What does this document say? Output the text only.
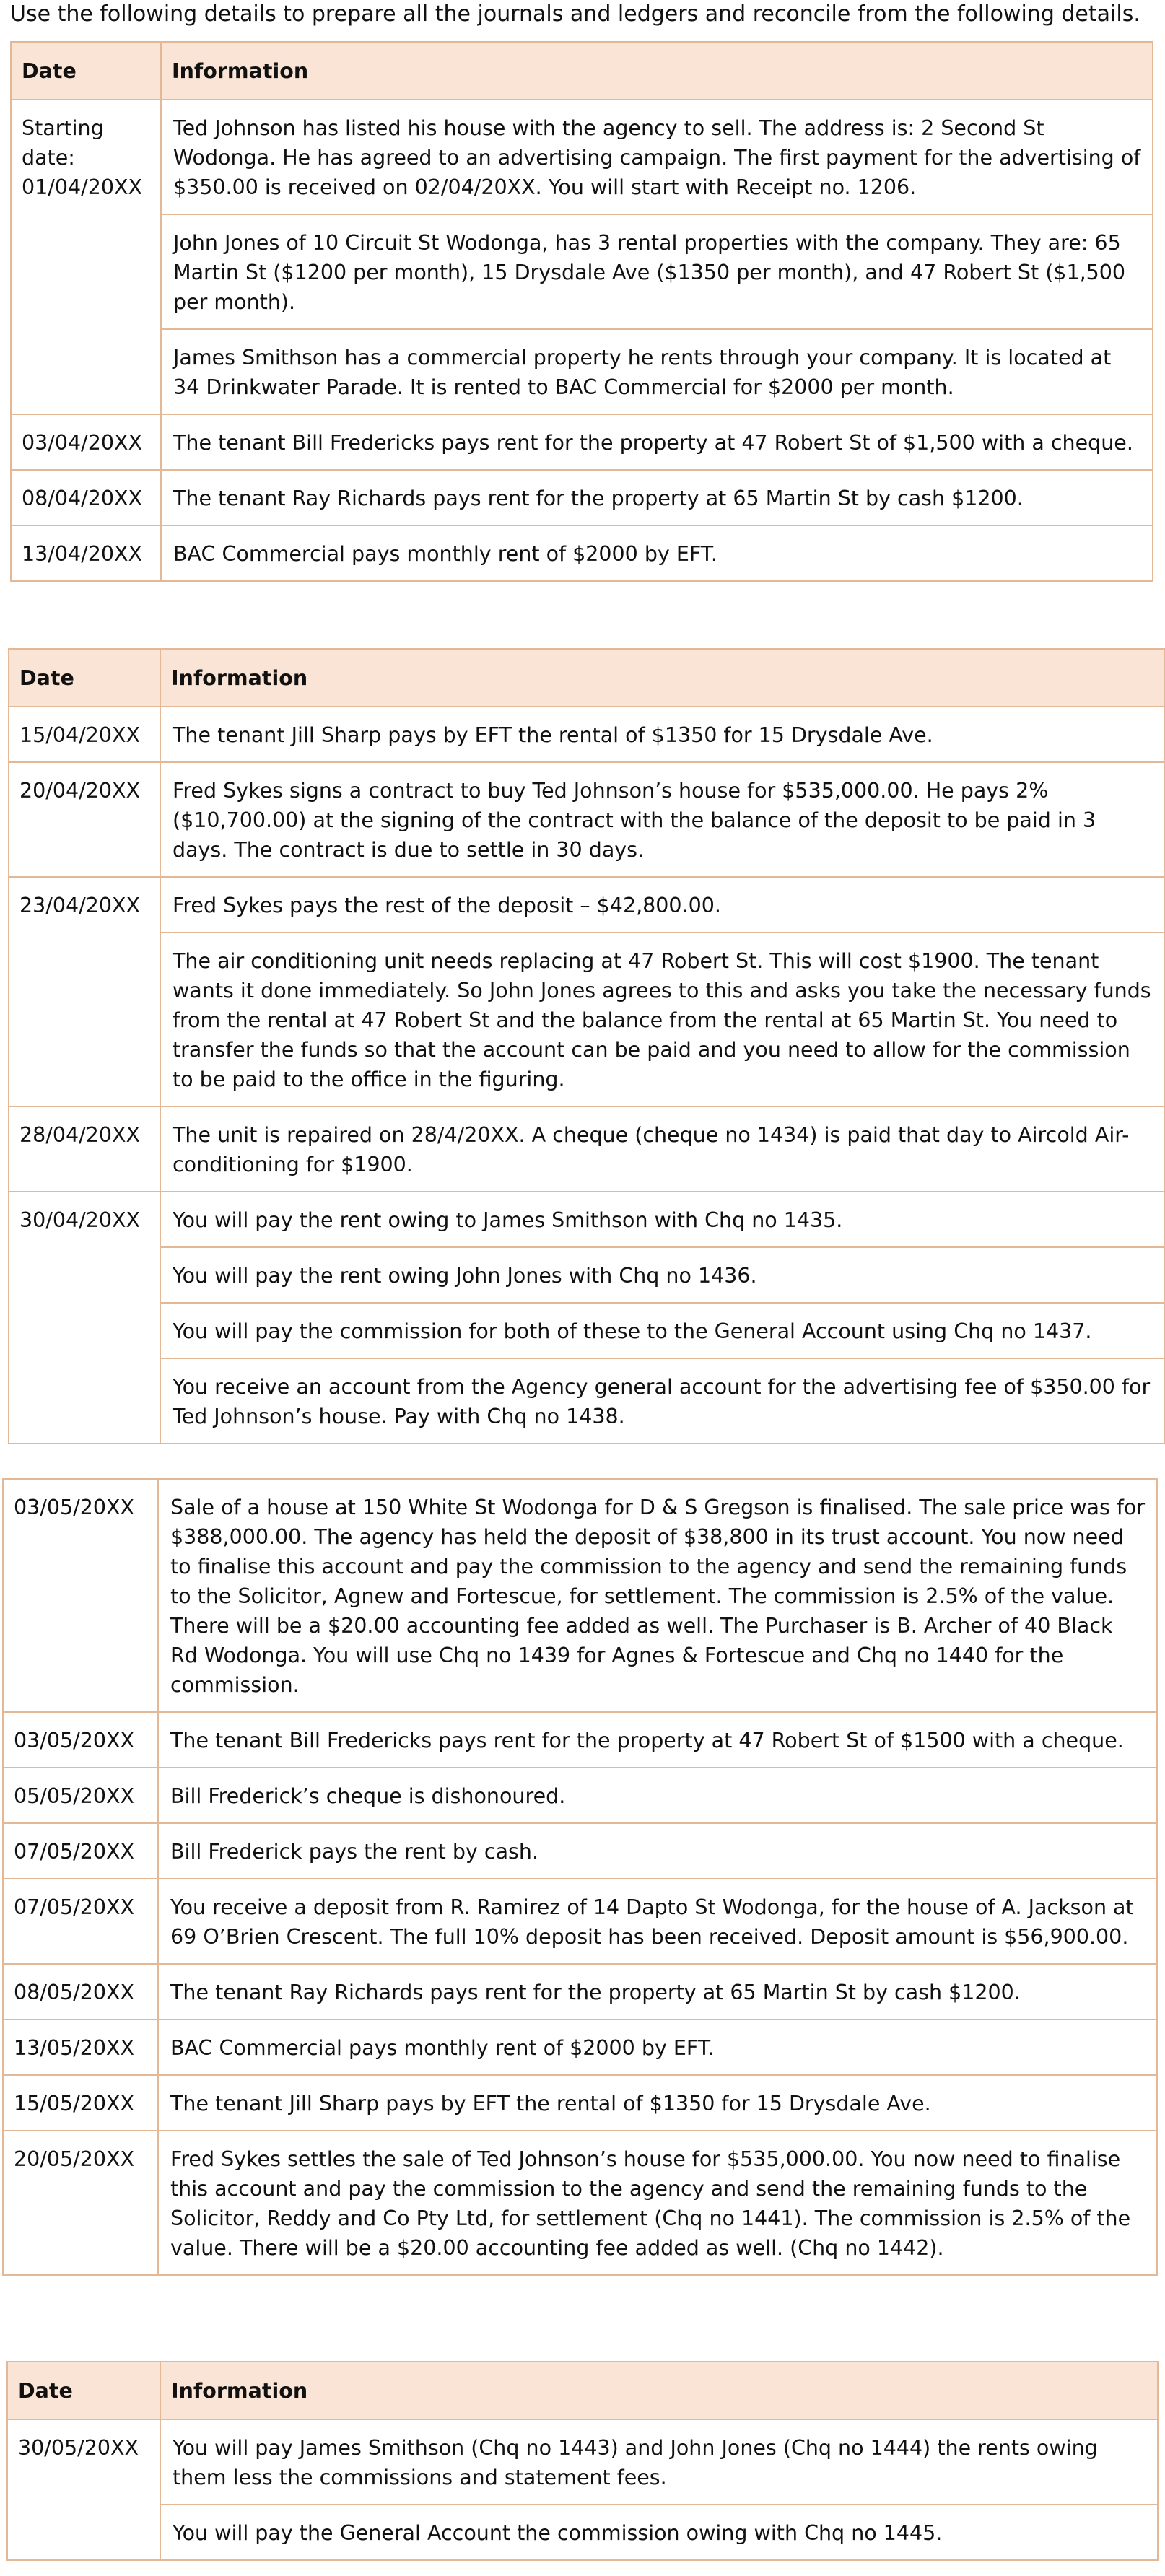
Use the following details to prepare all the journals and ledgers and reconcile from the following details.
Date	Information
Starting date: 01/04/20XX	Ted Johnson has listed his house with the agency to sell. The address is: 2 Second St Wodonga. He has agreed to an advertising campaign. The first payment for the advertising of $350.00 is received on 02/04/20XX. You will start with Receipt no. 1206.
	John Jones of 10 Circuit St Wodonga, has 3 rental properties with the company. They are: 65 Martin St ($1200 per month), 15 Drysdale Ave ($1350 per month), and 47 Robert St ($1,500 per month).
	James Smithson has a commercial property he rents through your company. It is located at 34 Drinkwater Parade. It is rented to BAC Commercial for $2000 per month.
03/04/20XX	The tenant Bill Fredericks pays rent for the property at 47 Robert St of $1,500 with a cheque.
08/04/20XX	The tenant Ray Richards pays rent for the property at 65 Martin St by cash $1200.
13/04/20XX	BAC Commercial pays monthly rent of $2000 by EFT.
Date	Information
15/04/20XX	The tenant Jill Sharp pays by EFT the rental of $1350 for 15 Drysdale Ave.
20/04/20XX	Fred Sykes signs a contract to buy Ted Johnson’s house for $535,000.00. He pays 2% ($10,700.00) at the signing of the contract with the balance of the deposit to be paid in 3 days. The contract is due to settle in 30 days.
23/04/20XX	Fred Sykes pays the rest of the deposit – $42,800.00.
	The air conditioning unit needs replacing at 47 Robert St. This will cost $1900. The tenant wants it done immediately. So John Jones agrees to this and asks you take the necessary funds from the rental at 47 Robert St and the balance from the rental at 65 Martin St. You need to transfer the funds so that the account can be paid and you need to allow for the commission to be paid to the office in the figuring.
28/04/20XX	The unit is repaired on 28/4/20XX. A cheque (cheque no 1434) is paid that day to Aircold Air-conditioning for $1900.
30/04/20XX	You will pay the rent owing to James Smithson with Chq no 1435.
	You will pay the rent owing John Jones with Chq no 1436.
	You will pay the commission for both of these to the General Account using Chq no 1437.
	You receive an account from the Agency general account for the advertising fee of $350.00 for Ted Johnson’s house. Pay with Chq no 1438.
03/05/20XX	Sale of a house at 150 White St Wodonga for D & S Gregson is finalised. The sale price was for $388,000.00. The agency has held the deposit of $38,800 in its trust account. You now need to finalise this account and pay the commission to the agency and send the remaining funds to the Solicitor, Agnew and Fortescue, for settlement. The commission is 2.5% of the value. There will be a $20.00 accounting fee added as well. The Purchaser is B. Archer of 40 Black Rd Wodonga. You will use Chq no 1439 for Agnes & Fortescue and Chq no 1440 for the commission.
03/05/20XX	The tenant Bill Fredericks pays rent for the property at 47 Robert St of $1500 with a cheque.
05/05/20XX	Bill Frederick’s cheque is dishonoured.
07/05/20XX	Bill Frederick pays the rent by cash.
07/05/20XX	You receive a deposit from R. Ramirez of 14 Dapto St Wodonga, for the house of A. Jackson at 69 O’Brien Crescent. The full 10% deposit has been received. Deposit amount is $56,900.00.
08/05/20XX	The tenant Ray Richards pays rent for the property at 65 Martin St by cash $1200.
13/05/20XX	BAC Commercial pays monthly rent of $2000 by EFT.
15/05/20XX	The tenant Jill Sharp pays by EFT the rental of $1350 for 15 Drysdale Ave.
20/05/20XX	Fred Sykes settles the sale of Ted Johnson’s house for $535,000.00. You now need to finalise this account and pay the commission to the agency and send the remaining funds to the Solicitor, Reddy and Co Pty Ltd, for settlement (Chq no 1441). The commission is 2.5% of the value. There will be a $20.00 accounting fee added as well. (Chq no 1442).
Date	Information
30/05/20XX	You will pay James Smithson (Chq no 1443) and John Jones (Chq no 1444) the rents owing them less the commissions and statement fees.
	You will pay the General Account the commission owing with Chq no 1445.
